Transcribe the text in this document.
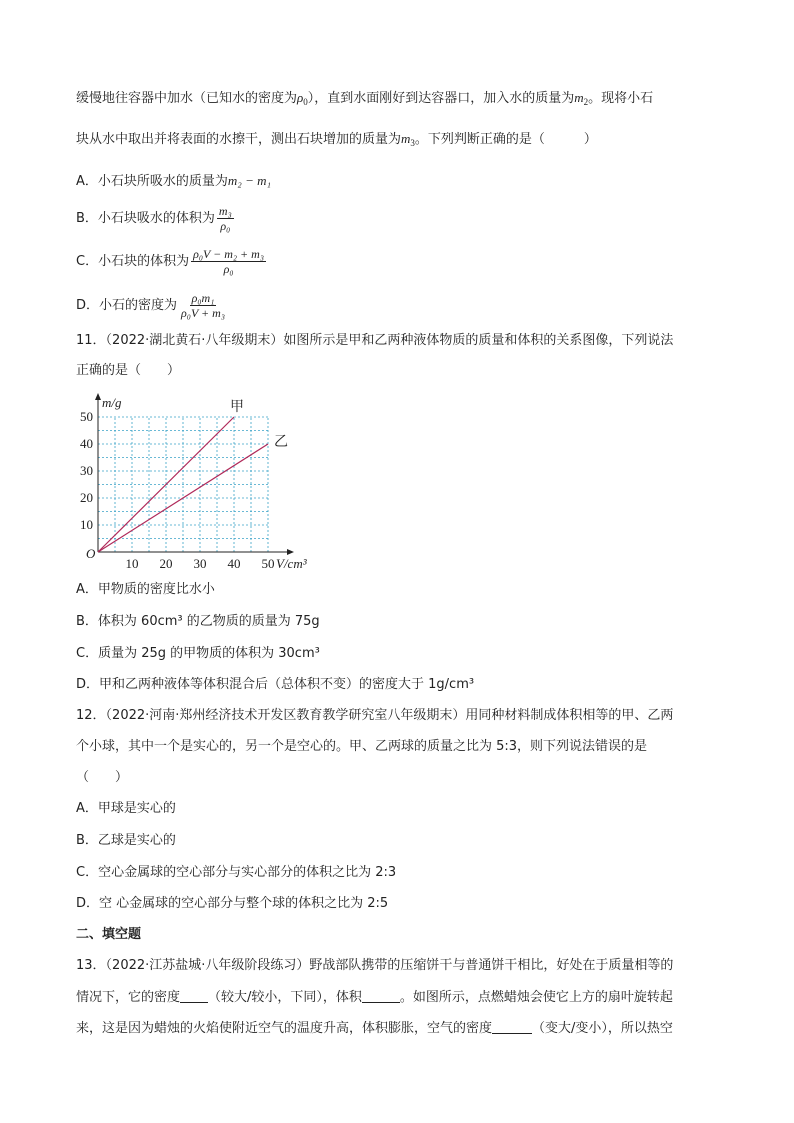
缓慢地往容器中加水（已知水的密度为$\rho_0$），直到水面刚好到达容器口，加入水的质量为$m_2$。现将小石
块从水中取出并将表面的水擦干，测出石块增加的质量为$m_3$。下列判断正确的是（　　　）
A．小石块所吸水的质量为m₂ − m₁
B．小石块吸水的体积为 $\frac{\text{m₃}}{\text{ρ₀}}$
C．小石块的体积为 $\frac{\text{ρ₀V − m₂ + m₃}}{\text{ρ₀}}$
D．小石的密度为 $\frac{\text{ρ₀m₁}}{\text{ρ₀V + m₃}}$
11．（2022·湖北黄石·八年级期末）如图所示是甲和乙两种液体物质的质量和体积的关系图像，下列说法
正确的是（　　）
10 20 30 40 50
10
20
30
40
50
O
V/cm³
m/g	甲
乙
A．甲物质的密度比水小
B．体积为 60cm³ 的乙物质的质量为 75g
C．质量为 25g 的甲物质的体积为 30cm³
D．甲和乙两种液体等体积混合后（总体积不变）的密度大于 1g/cm³
12．（2022·河南·郑州经济技术开发区教育教学研究室八年级期末）用同种材料制成体积相等的甲、乙两
个小球，其中一个是实心的，另一个是空心的。甲、乙两球的质量之比为 5:3，则下列说法错误的是
（　　）
A．甲球是实心的
B．乙球是实心的
C．空心金属球的空心部分与实心部分的体积之比为 2:3
D．空 心金属球的空心部分与整个球的体积之比为 2:5
二、填空题
13．（2022·江苏盐城·八年级阶段练习）野战部队携带的压缩饼干与普通饼干相比，好处在于质量相等的
情况下，它的密度 （较大/较小，下同），体积	。如图所示，点燃蜡烛会使它上方的扇叶旋转起
来，这是因为蜡烛的火焰使附近空气的温度升高，体积膨胀，空气的密度	（变大/变小），所以热空
